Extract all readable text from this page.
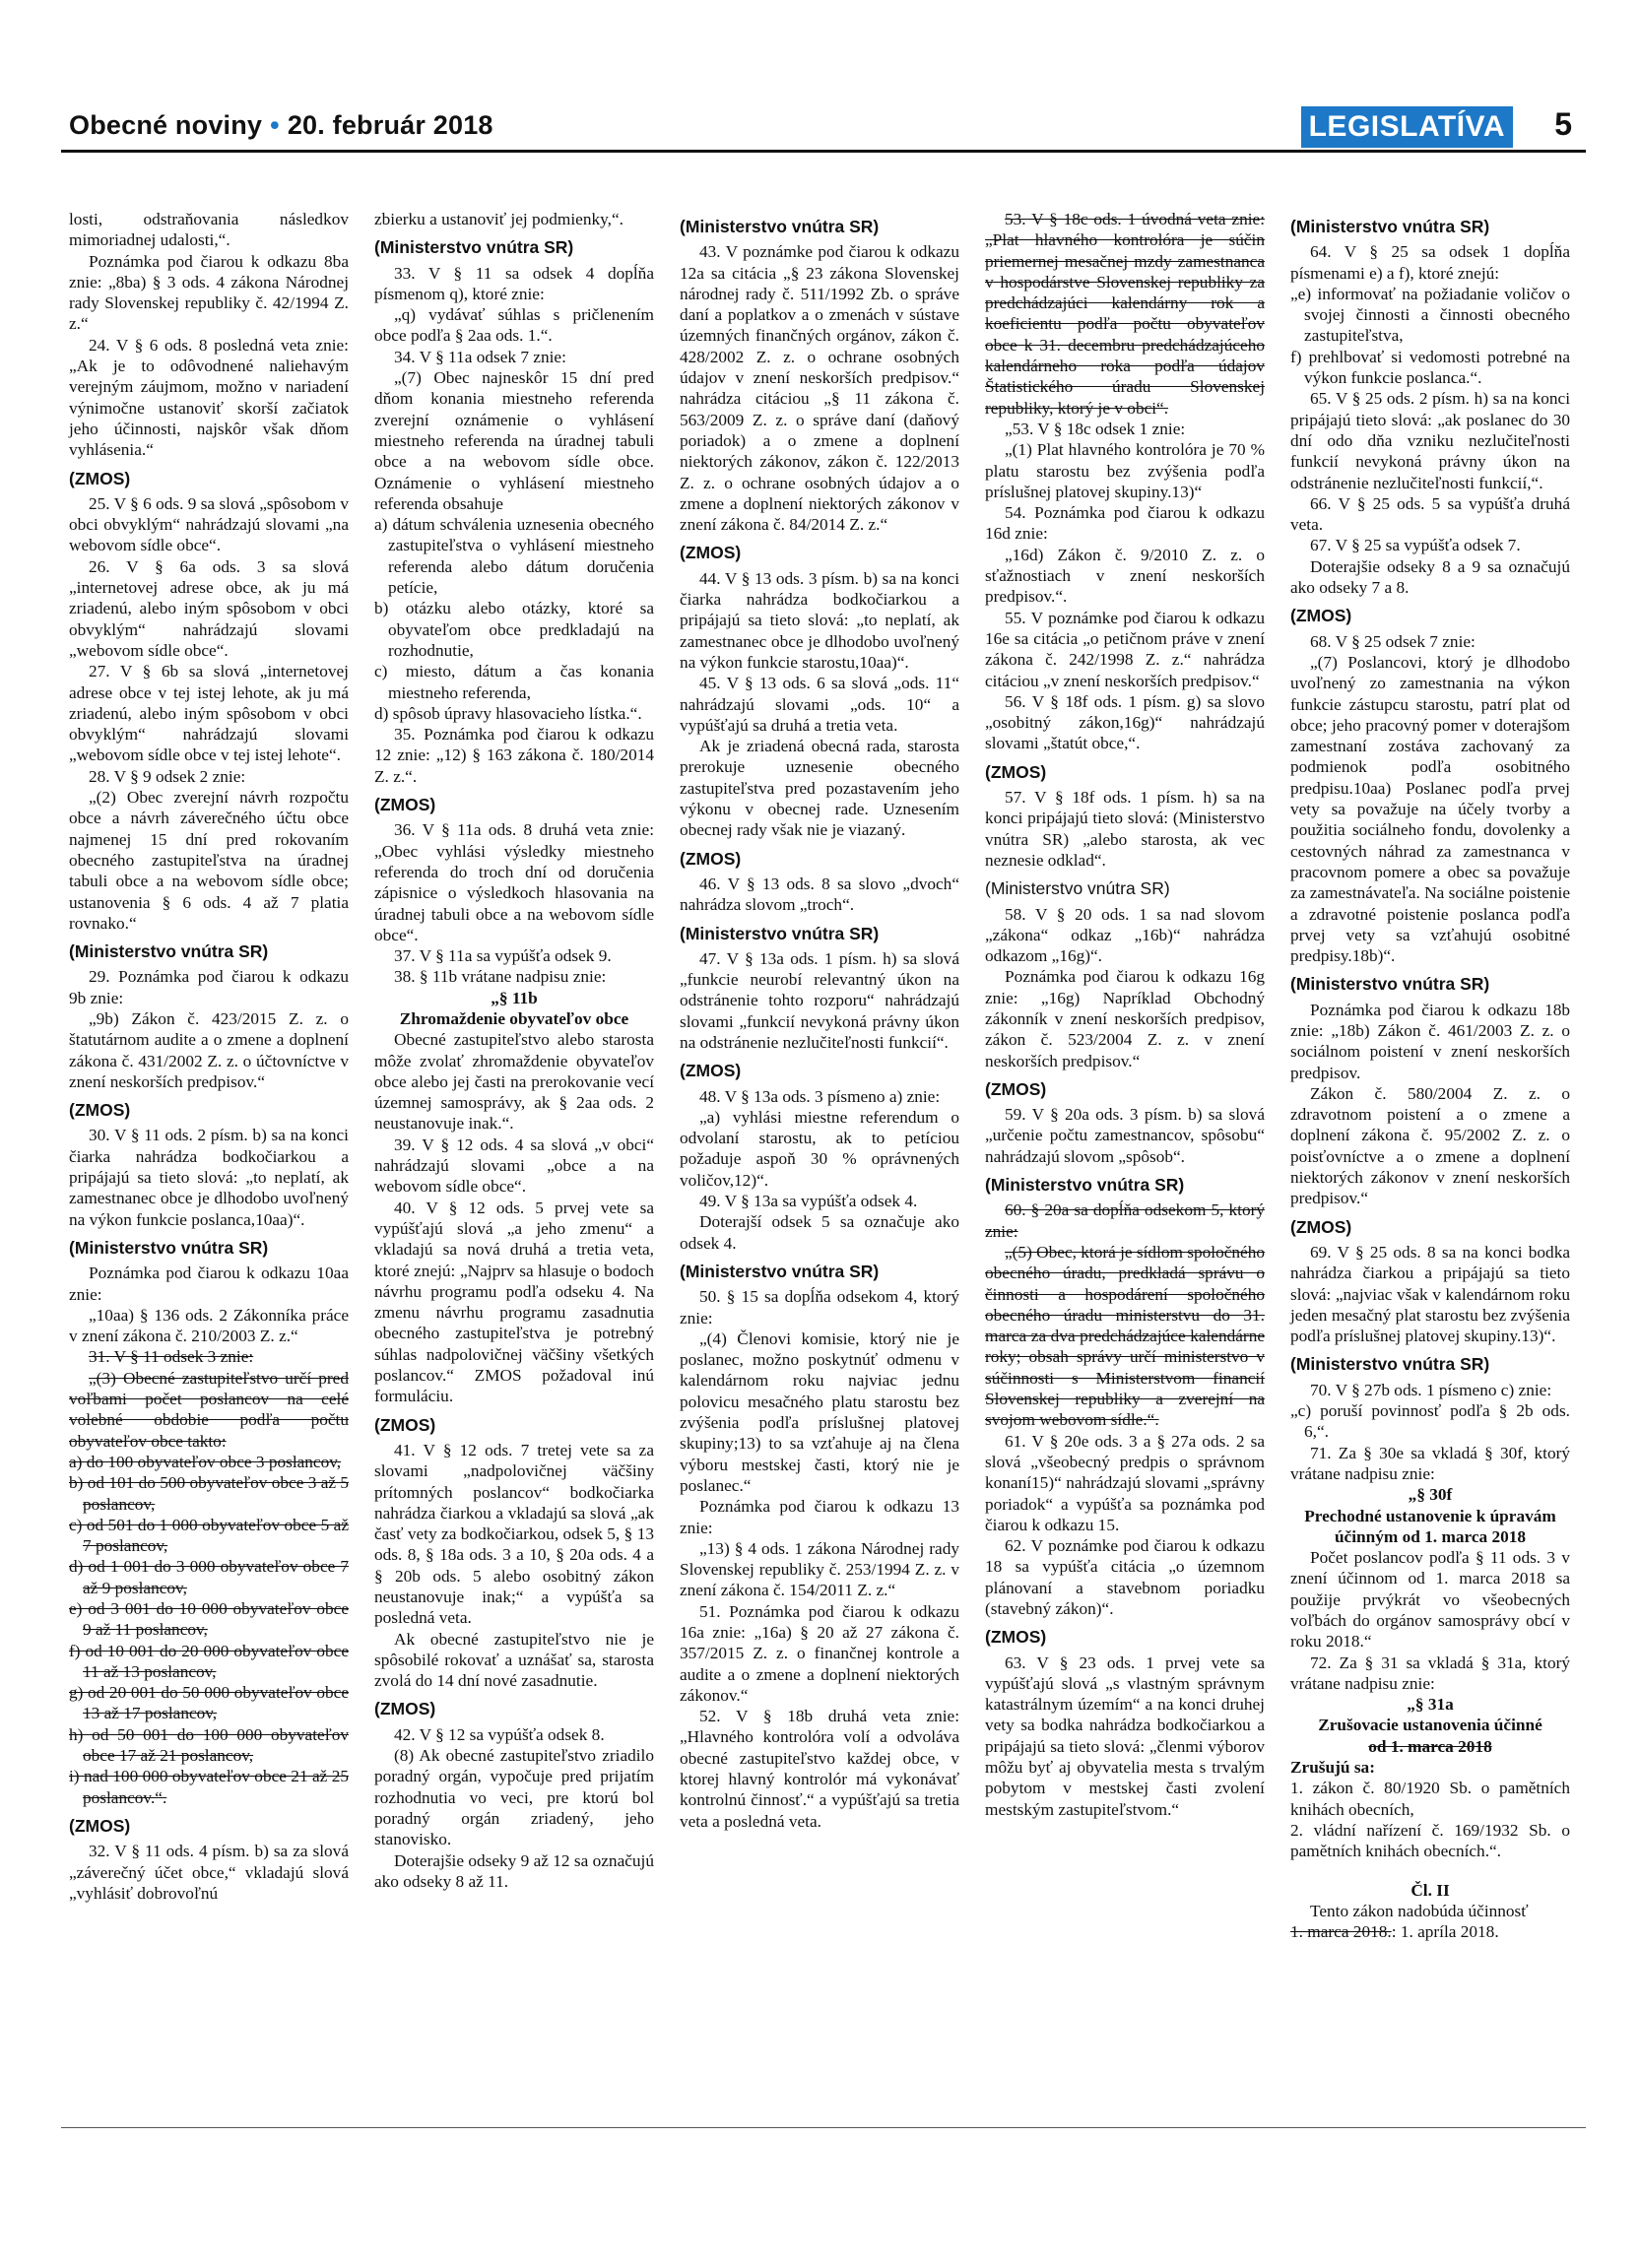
Obecné noviny • 20. február 2018	LEGISLATÍVA 5

losti, odstraňovania následkov mimoriadnej udalosti,“.

Poznámka pod čiarou k odkazu 8ba znie: „8ba) § 3 ods. 4 zákona Národnej rady Slovenskej republiky č. 42/1994 Z. z.“

24. V § 6 ods. 8 posledná veta znie: „Ak je to odôvodnené naliehavým verejným záujmom, možno v nariadení výnimočne ustanoviť skorší začiatok jeho účinnosti, najskôr však dňom vyhlásenia.“

(ZMOS)

25. V § 6 ods. 9 sa slová „spôsobom v obci obvyklým“ nahrádzajú slovami „na webovom sídle obce“.

26. V § 6a ods. 3 sa slová „internetovej adrese obce, ak ju má zriadenú, alebo iným spôsobom v obci obvyklým“ nahrádzajú slovami „webovom sídle obce“.

27. V § 6b sa slová „internetovej adrese obce v tej istej lehote, ak ju má zriadenú, alebo iným spôsobom v obci obvyklým“ nahrádzajú slovami „webovom sídle obce v tej istej lehote“.

28. V § 9 odsek 2 znie:

„(2) Obec zverejní návrh rozpočtu obce a návrh záverečného účtu obce najmenej 15 dní pred rokovaním obecného zastupiteľstva na úradnej tabuli obce a na webovom sídle obce; ustanovenia § 6 ods. 4 až 7 platia rovnako.“

(Ministerstvo vnútra SR)

29. Poznámka pod čiarou k odkazu 9b znie:

„9b) Zákon č. 423/2015 Z. z. o štatutárnom audite a o zmene a doplnení zákona č. 431/2002 Z. z. o účtovníctve v znení neskorších predpisov.“

(ZMOS)

30. V § 11 ods. 2 písm. b) sa na konci čiarka nahrádza bodkočiarkou a pripájajú sa tieto slová: „to neplatí, ak zamestnanec obce je dlhodobo uvoľnený na výkon funkcie poslanca,10aa)“.

(Ministerstvo vnútra SR)

Poznámka pod čiarou k odkazu 10aa znie:

„10aa) § 136 ods. 2 Zákonníka práce v znení zákona č. 210/2003 Z. z.“

31. V § 11 odsek 3 znie:

„(3) Obecné zastupiteľstvo určí pred voľbami počet poslancov na celé volebné obdobie podľa počtu obyvateľov obce takto:

a) do 100 obyvateľov obce 3 poslancov,

b) od 101 do 500 obyvateľov obce 3 až 5 poslancov,

c) od 501 do 1 000 obyvateľov obce 5 až 7 poslancov,

d) od 1 001 do 3 000 obyvateľov obce 7 až 9 poslancov,

e) od 3 001 do 10 000 obyvateľov obce 9 až 11 poslancov,

f) od 10 001 do 20 000 obyvateľov obce 11 až 13 poslancov,

g) od 20 001 do 50 000 obyvateľov obce 13 až 17 poslancov,

h) od 50 001 do 100 000 obyvateľov obce 17 až 21 poslancov,

i) nad 100 000 obyvateľov obce 21 až 25 poslancov.“.

(ZMOS)

32. V § 11 ods. 4 písm. b) sa za slová „záverečný účet obce,“ vkladajú slová „vyhlásiť dobrovoľnú

zbierku a ustanoviť jej podmienky,“.

(Ministerstvo vnútra SR)

33. V § 11 sa odsek 4 dopĺňa písmenom q), ktoré znie:

„q) vydávať súhlas s pričlenením obce podľa § 2aa ods. 1.“.

34. V § 11a odsek 7 znie:

„(7) Obec najneskôr 15 dní pred dňom konania miestneho referenda zverejní oznámenie o vyhlásení miestneho referenda na úradnej tabuli obce a na webovom sídle obce. Oznámenie o vyhlásení miestneho referenda obsahuje

a) dátum schválenia uznesenia obecného zastupiteľstva o vyhlásení miestneho referenda alebo dátum doručenia petície,

b) otázku alebo otázky, ktoré sa obyvateľom obce predkladajú na rozhodnutie,

c) miesto, dátum a čas konania miestneho referenda,

d) spôsob úpravy hlasovacieho lístka.“.

35. Poznámka pod čiarou k odkazu 12 znie: „12) § 163 zákona č. 180/2014 Z. z.“.

(ZMOS)

36. V § 11a ods. 8 druhá veta znie: „Obec vyhlási výsledky miestneho referenda do troch dní od doručenia zápisnice o výsledkoch hlasovania na úradnej tabuli obce a na webovom sídle obce“.

37. V § 11a sa vypúšťa odsek 9.

38. § 11b vrátane nadpisu znie:

„§ 11b
Zhromaždenie obyvateľov obce

Obecné zastupiteľstvo alebo starosta môže zvolať zhromaždenie obyvateľov obce alebo jej časti na prerokovanie vecí územnej samosprávy, ak § 2aa ods. 2 neustanovuje inak.“.

39. V § 12 ods. 4 sa slová „v obci“ nahrádzajú slovami „obce a na webovom sídle obce“.

40. V § 12 ods. 5 prvej vete sa vypúšťajú slová „a jeho zmenu“ a vkladajú sa nová druhá a tretia veta, ktoré znejú: „Najprv sa hlasuje o bodoch návrhu programu podľa odseku 4. Na zmenu návrhu programu zasadnutia obecného zastupiteľstva je potrebný súhlas nadpolovičnej väčšiny všetkých poslancov.“ ZMOS požadoval inú formuláciu.

(ZMOS)

41. V § 12 ods. 7 tretej vete sa za slovami „nadpolovičnej väčšiny prítomných poslancov“ bodkočiarka nahrádza čiarkou a vkladajú sa slová „ak časť vety za bodkočiarkou, odsek 5, § 13 ods. 8, § 18a ods. 3 a 10, § 20a ods. 4 a § 20b ods. 5 alebo osobitný zákon neustanovuje inak;“ a vypúšťa sa posledná veta.

Ak obecné zastupiteľstvo nie je spôsobilé rokovať a uznášať sa, starosta zvolá do 14 dní nové zasadnutie.

(ZMOS)

42. V § 12 sa vypúšťa odsek 8.

(8) Ak obecné zastupiteľstvo zriadilo poradný orgán, vypočuje pred prijatím rozhodnutia vo veci, pre ktorú bol poradný orgán zriadený, jeho stanovisko.

Doterajšie odseky 9 až 12 sa označujú ako odseky 8 až 11.

(Ministerstvo vnútra SR)

43. V poznámke pod čiarou k odkazu 12a sa citácia „§ 23 zákona Slovenskej národnej rady č. 511/1992 Zb. o správe daní a poplatkov a o zmenách v sústave územných finančných orgánov, zákon č. 428/2002 Z. z. o ochrane osobných údajov v znení neskorších predpisov.“ nahrádza citáciou „§ 11 zákona č. 563/2009 Z. z. o správe daní (daňový poriadok) a o zmene a doplnení niektorých zákonov, zákon č. 122/2013 Z. z. o ochrane osobných údajov a o zmene a doplnení niektorých zákonov v znení zákona č. 84/2014 Z. z.“

(ZMOS)

44. V § 13 ods. 3 písm. b) sa na konci čiarka nahrádza bodkočiarkou a pripájajú sa tieto slová: „to neplatí, ak zamestnanec obce je dlhodobo uvoľnený na výkon funkcie starostu,10aa)“.

45. V § 13 ods. 6 sa slová „ods. 11“ nahrádzajú slovami „ods. 10“ a vypúšťajú sa druhá a tretia veta.

Ak je zriadená obecná rada, starosta prerokuje uznesenie obecného zastupiteľstva pred pozastavením jeho výkonu v obecnej rade. Uznesením obecnej rady však nie je viazaný.

(ZMOS)

46. V § 13 ods. 8 sa slovo „dvoch“ nahrádza slovom „troch“.

(Ministerstvo vnútra SR)

47. V § 13a ods. 1 písm. h) sa slová „funkcie neurobí relevantný úkon na odstránenie tohto rozporu“ nahrádzajú slovami „funkcií nevykoná právny úkon na odstránenie nezlučiteľnosti funkcií“.

(ZMOS)

48. V § 13a ods. 3 písmeno a) znie:

„a) vyhlási miestne referendum o odvolaní starostu, ak to petíciou požaduje aspoň 30 % oprávnených voličov,12)“.

49. V § 13a sa vypúšťa odsek 4.

Doterajší odsek 5 sa označuje ako odsek 4.

(Ministerstvo vnútra SR)

50. § 15 sa dopĺňa odsekom 4, ktorý znie:

„(4) Členovi komisie, ktorý nie je poslanec, možno poskytnúť odmenu v kalendárnom roku najviac jednu polovicu mesačného platu starostu bez zvýšenia podľa príslušnej platovej skupiny;13) to sa vzťahuje aj na člena výboru mestskej časti, ktorý nie je poslanec.“

Poznámka pod čiarou k odkazu 13 znie:

„13) § 4 ods. 1 zákona Národnej rady Slovenskej republiky č. 253/1994 Z. z. v znení zákona č. 154/2011 Z. z.“

51. Poznámka pod čiarou k odkazu 16a znie: „16a) § 20 až 27 zákona č. 357/2015 Z. z. o finančnej kontrole a audite a o zmene a doplnení niektorých zákonov.“

52. V § 18b druhá veta znie: „Hlavného kontrolóra volí a odvoláva obecné zastupiteľstvo každej obce, v ktorej hlavný kontrolór má vykonávať kontrolnú činnosť.“ a vypúšťajú sa tretia veta a posledná veta.

53. V § 18c ods. 1 úvodná veta znie: „Plat hlavného kontrolóra je súčin priemernej mesačnej mzdy zamestnanca v hospodárstve Slovenskej republiky za predchádzajúci kalendárny rok a koeficientu podľa počtu obyvateľov obce k 31. decembru predchádzajúceho kalendárneho roka podľa údajov Štatistického úradu Slovenskej republiky, ktorý je v obci“.

„53. V § 18c odsek 1 znie:

„(1) Plat hlavného kontrolóra je 70 % platu starostu bez zvýšenia podľa príslušnej platovej skupiny.13)“

54. Poznámka pod čiarou k odkazu 16d znie:

„16d) Zákon č. 9/2010 Z. z. o sťažnostiach v znení neskorších predpisov.“.

55. V poznámke pod čiarou k odkazu 16e sa citácia „o petičnom práve v znení zákona č. 242/1998 Z. z.“ nahrádza citáciou „v znení neskorších predpisov.“

56. V § 18f ods. 1 písm. g) sa slovo „osobitný zákon,16g)“ nahrádzajú slovami „štatút obce,“.

(ZMOS)

57. V § 18f ods. 1 písm. h) sa na konci pripájajú tieto slová: (Ministerstvo vnútra SR) „alebo starosta, ak vec neznesie odklad“.

(Ministerstvo vnútra SR)

58. V § 20 ods. 1 sa nad slovom „zákona“ odkaz „16b)“ nahrádza odkazom „16g)“.

Poznámka pod čiarou k odkazu 16g znie: „16g) Napríklad Obchodný zákonník v znení neskorších predpisov, zákon č. 523/2004 Z. z. v znení neskorších predpisov.“

(ZMOS)

59. V § 20a ods. 3 písm. b) sa slová „určenie počtu zamestnancov, spôsobu“ nahrádzajú slovom „spôsob“.

(Ministerstvo vnútra SR)

60. § 20a sa dopĺňa odsekom 5, ktorý znie:

„(5) Obec, ktorá je sídlom spoločného obecného úradu, predkladá správu o činnosti a hospodárení spoločného obecného úradu ministerstvu do 31. marca za dva predchádzajúce kalendárne roky; obsah správy určí ministerstvo v súčinnosti s Ministerstvom financií Slovenskej republiky a zverejní na svojom webovom sídle.“.

61. V § 20e ods. 3 a § 27a ods. 2 sa slová „všeobecný predpis o správnom konaní15)“ nahrádzajú slovami „správny poriadok“ a vypúšťa sa poznámka pod čiarou k odkazu 15.

62. V poznámke pod čiarou k odkazu 18 sa vypúšťa citácia „o územnom plánovaní a stavebnom poriadku (stavebný zákon)“.

(ZMOS)

63. V § 23 ods. 1 prvej vete sa vypúšťajú slová „s vlastným správnym katastrálnym územím“ a na konci druhej vety sa bodka nahrádza bodkočiarkou a pripájajú sa tieto slová: „členmi výborov môžu byť aj obyvatelia mesta s trvalým pobytom v mestskej časti zvolení mestským zastupiteľstvom.“

(Ministerstvo vnútra SR)

64. V § 25 sa odsek 1 dopĺňa písmenami e) a f), ktoré znejú:

„e) informovať na požiadanie voličov o svojej činnosti a činnosti obecného zastupiteľstva,

f) prehlbovať si vedomosti potrebné na výkon funkcie poslanca.“.

65. V § 25 ods. 2 písm. h) sa na konci pripájajú tieto slová: „ak poslanec do 30 dní odo dňa vzniku nezlučiteľnosti funkcií nevykoná právny úkon na odstránenie nezlučiteľnosti funkcií,“.

66. V § 25 ods. 5 sa vypúšťa druhá veta.

67. V § 25 sa vypúšťa odsek 7.

Doterajšie odseky 8 a 9 sa označujú ako odseky 7 a 8.

(ZMOS)

68. V § 25 odsek 7 znie:

„(7) Poslancovi, ktorý je dlhodobo uvoľnený zo zamestnania na výkon funkcie zástupcu starostu, patrí plat od obce; jeho pracovný pomer v doterajšom zamestnaní zostáva zachovaný za podmienok podľa osobitného predpisu.10aa) Poslanec podľa prvej vety sa považuje na účely tvorby a použitia sociálneho fondu, dovolenky a cestovných náhrad za zamestnanca v pracovnom pomere a obec sa považuje za zamestnávateľa. Na sociálne poistenie a zdravotné poistenie poslanca podľa prvej vety sa vzťahujú osobitné predpisy.18b)“.

(Ministerstvo vnútra SR)

Poznámka pod čiarou k odkazu 18b znie: „18b) Zákon č. 461/2003 Z. z. o sociálnom poistení v znení neskorších predpisov.

Zákon č. 580/2004 Z. z. o zdravotnom poistení a o zmene a doplnení zákona č. 95/2002 Z. z. o poisťovníctve a o zmene a doplnení niektorých zákonov v znení neskorších predpisov.“

(ZMOS)

69. V § 25 ods. 8 sa na konci bodka nahrádza čiarkou a pripájajú sa tieto slová: „najviac však v kalendárnom roku jeden mesačný plat starostu bez zvýšenia podľa príslušnej platovej skupiny.13)“.

(Ministerstvo vnútra SR)

70. V § 27b ods. 1 písmeno c) znie:

„c) poruší povinnosť podľa § 2b ods. 6,“.

71. Za § 30e sa vkladá § 30f, ktorý vrátane nadpisu znie:

„§ 30f
Prechodné ustanovenie k úpravám účinným od 1. marca 2018

Počet poslancov podľa § 11 ods. 3 v znení účinnom od 1. marca 2018 sa použije prvýkrát vo všeobecných voľbách do orgánov samosprávy obcí v roku 2018.“

72. Za § 31 sa vkladá § 31a, ktorý vrátane nadpisu znie:

„§ 31a
Zrušovacie ustanovenia účinné
od 1. marca 2018

Zrušujú sa:

1. zákon č. 80/1920 Sb. o pamětních knihách obecních,

2. vládní nařízení č. 169/1932 Sb. o pamětních knihách obecních.“.

Čl. II

Tento zákon nadobúda účinnosť

1. marca 2018.: 1. apríla 2018.
